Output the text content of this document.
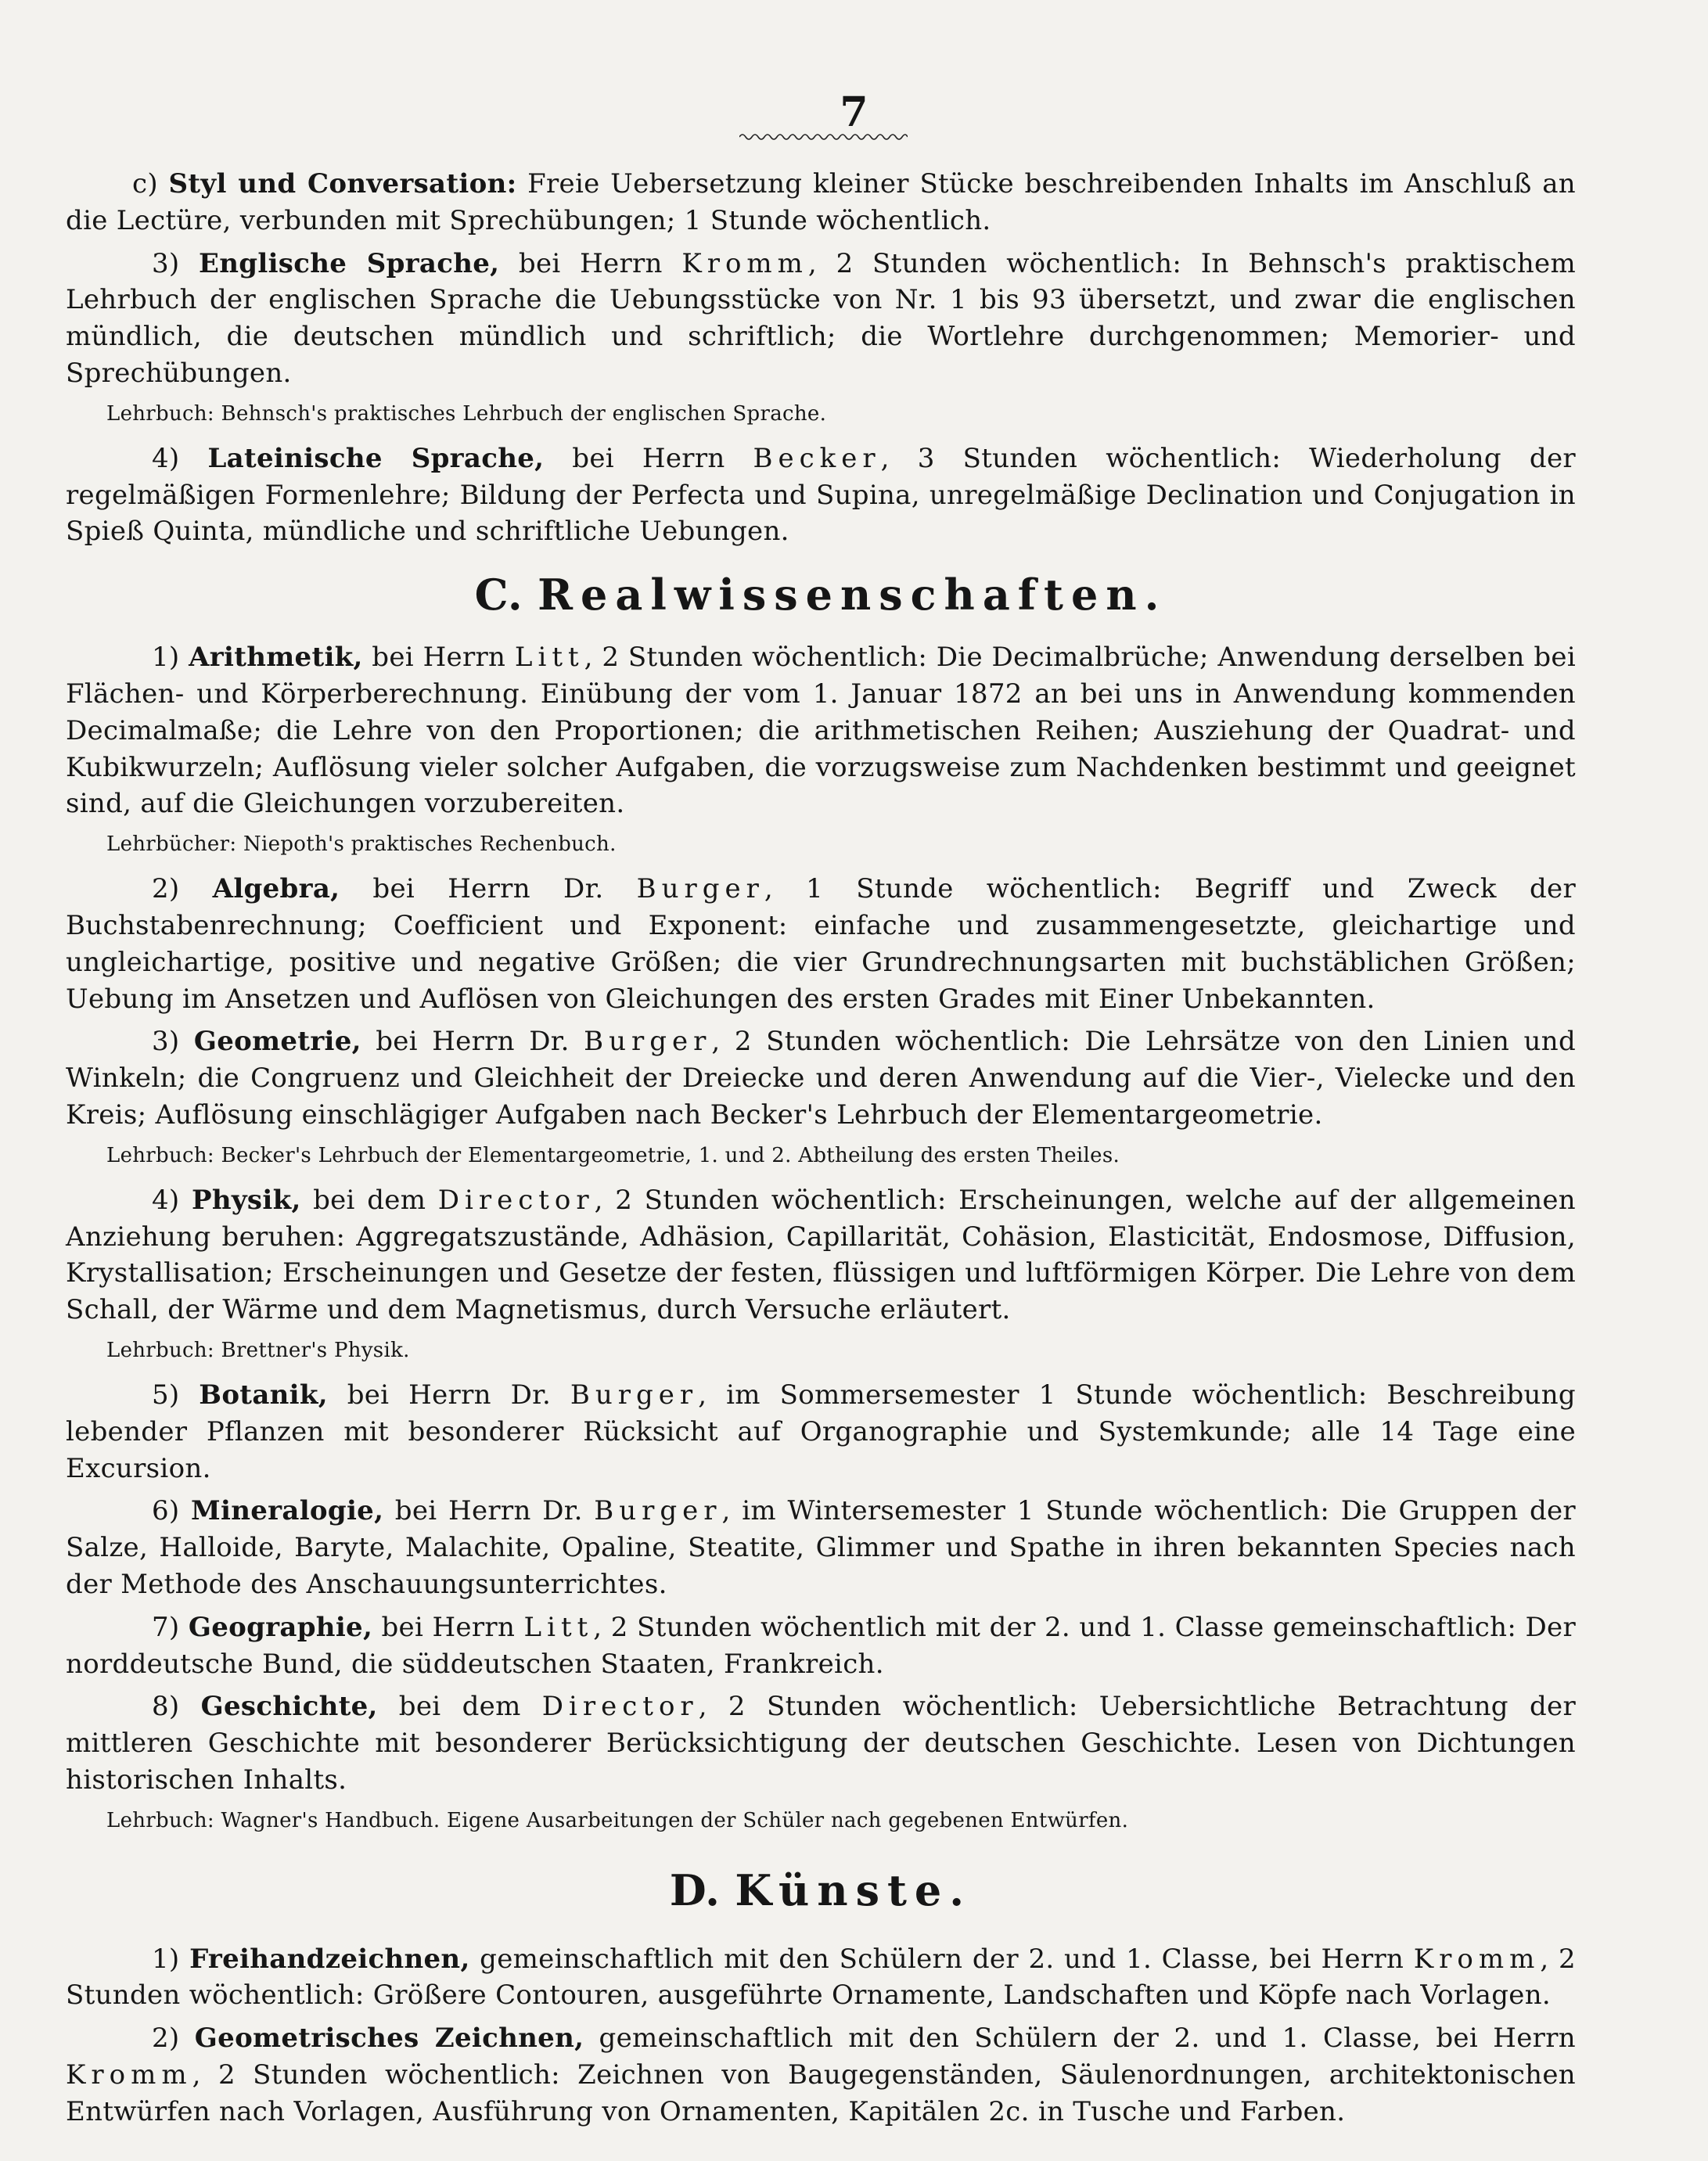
7

c) Styl und Conversation: Freie Uebersetzung kleiner Stücke beschreibenden Inhalts im Anschluß an die Lectüre, verbunden mit Sprechübungen; 1 Stunde wöchentlich.

3) Englische Sprache, bei Herrn Kromm, 2 Stunden wöchentlich: In Behnsch's praktischem Lehrbuch der englischen Sprache die Uebungsstücke von Nr. 1 bis 93 übersetzt, und zwar die englischen mündlich, die deutschen mündlich und schriftlich; die Wortlehre durchgenommen; Memorier- und Sprechübungen.

Lehrbuch: Behnsch's praktisches Lehrbuch der englischen Sprache.

4) Lateinische Sprache, bei Herrn Becker, 3 Stunden wöchentlich: Wiederholung der regelmäßigen Formenlehre; Bildung der Perfecta und Supina, unregelmäßige Declination und Conjugation in Spieß Quinta, mündliche und schriftliche Uebungen.

C. Realwissenschaften.

1) Arithmetik, bei Herrn Litt, 2 Stunden wöchentlich: Die Decimalbrüche; Anwendung derselben bei Flächen- und Körperberechnung. Einübung der vom 1. Januar 1872 an bei uns in Anwendung kommenden Decimalmaße; die Lehre von den Proportionen; die arithmetischen Reihen; Ausziehung der Quadrat- und Kubikwurzeln; Auflösung vieler solcher Aufgaben, die vorzugsweise zum Nachdenken bestimmt und geeignet sind, auf die Gleichungen vorzubereiten.

Lehrbücher: Niepoth's praktisches Rechenbuch.

2) Algebra, bei Herrn Dr. Burger, 1 Stunde wöchentlich: Begriff und Zweck der Buchstabenrechnung; Coefficient und Exponent: einfache und zusammengesetzte, gleichartige und ungleichartige, positive und negative Größen; die vier Grundrechnungsarten mit buchstäblichen Größen; Uebung im Ansetzen und Auflösen von Gleichungen des ersten Grades mit Einer Unbekannten.

3) Geometrie, bei Herrn Dr. Burger, 2 Stunden wöchentlich: Die Lehrsätze von den Linien und Winkeln; die Congruenz und Gleichheit der Dreiecke und deren Anwendung auf die Vier-, Vielecke und den Kreis; Auflösung einschlägiger Aufgaben nach Becker's Lehrbuch der Elementargeometrie.

Lehrbuch: Becker's Lehrbuch der Elementargeometrie, 1. und 2. Abtheilung des ersten Theiles.

4) Physik, bei dem Director, 2 Stunden wöchentlich: Erscheinungen, welche auf der allgemeinen Anziehung beruhen: Aggregatszustände, Adhäsion, Capillarität, Cohäsion, Elasticität, Endosmose, Diffusion, Krystallisation; Erscheinungen und Gesetze der festen, flüssigen und luftförmigen Körper. Die Lehre von dem Schall, der Wärme und dem Magnetismus, durch Versuche erläutert.

Lehrbuch: Brettner's Physik.

5) Botanik, bei Herrn Dr. Burger, im Sommersemester 1 Stunde wöchentlich: Beschreibung lebender Pflanzen mit besonderer Rücksicht auf Organographie und Systemkunde; alle 14 Tage eine Excursion.

6) Mineralogie, bei Herrn Dr. Burger, im Wintersemester 1 Stunde wöchentlich: Die Gruppen der Salze, Halloide, Baryte, Malachite, Opaline, Steatite, Glimmer und Spathe in ihren bekannten Species nach der Methode des Anschauungsunterrichtes.

7) Geographie, bei Herrn Litt, 2 Stunden wöchentlich mit der 2. und 1. Classe gemeinschaftlich: Der norddeutsche Bund, die süddeutschen Staaten, Frankreich.

8) Geschichte, bei dem Director, 2 Stunden wöchentlich: Uebersichtliche Betrachtung der mittleren Geschichte mit besonderer Berücksichtigung der deutschen Geschichte. Lesen von Dichtungen historischen Inhalts.

Lehrbuch: Wagner's Handbuch. Eigene Ausarbeitungen der Schüler nach gegebenen Entwürfen.
D. Künste.

1) Freihandzeichnen, gemeinschaftlich mit den Schülern der 2. und 1. Classe, bei Herrn Kromm, 2 Stunden wöchentlich: Größere Contouren, ausgeführte Ornamente, Landschaften und Köpfe nach Vorlagen.

2) Geometrisches Zeichnen, gemeinschaftlich mit den Schülern der 2. und 1. Classe, bei Herrn Kromm, 2 Stunden wöchentlich: Zeichnen von Baugegenständen, Säulenordnungen, architektonischen Entwürfen nach Vorlagen, Ausführung von Ornamenten, Kapitälen 2c. in Tusche und Farben.
